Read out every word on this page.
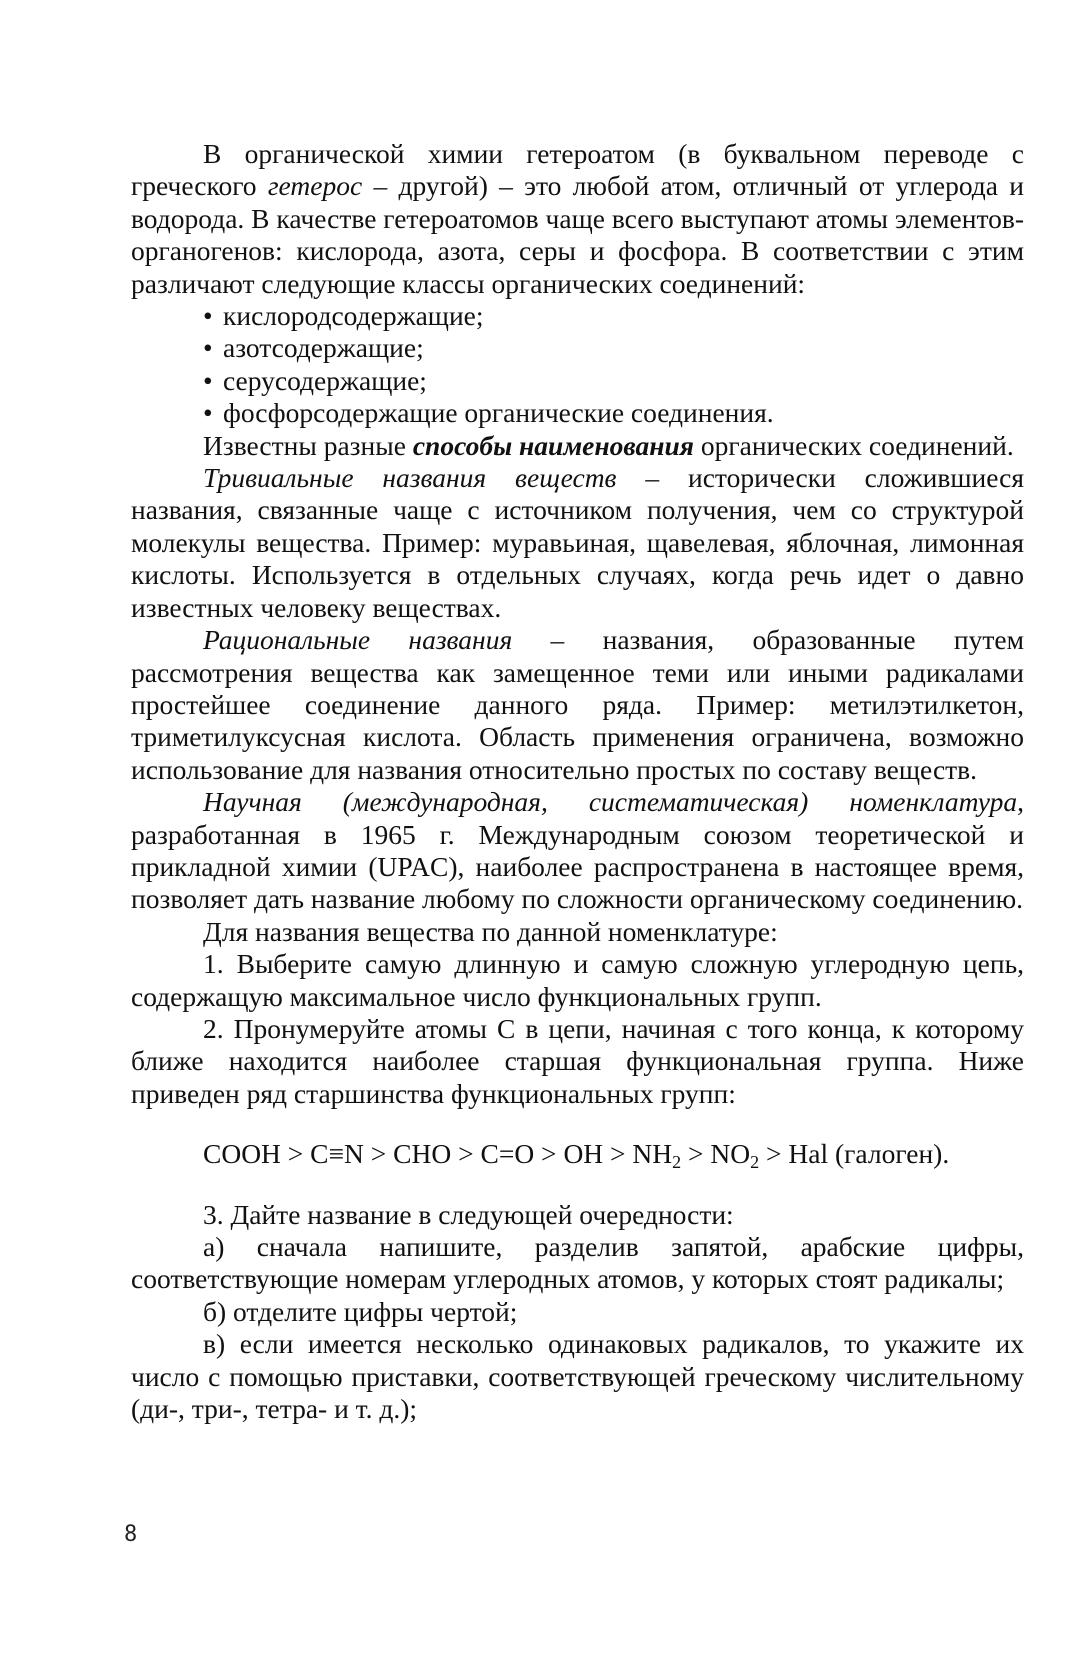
В органической химии гетероатом (в буквальном переводе с греческого гетерос – другой) – это любой атом, отличный от углерода и водорода. В качестве гетероатомов чаще всего выступают атомы элементов-органогенов: кислорода, азота, серы и фосфора. В соответствии с этим различают следующие классы органических соединений:

• кислородсодержащие;
• азотсодержащие;
• серусодержащие;
• фосфорсодержащие органические соединения.

Известны разные способы наименования органических соединений.

Тривиальные названия веществ – исторически сложившиеся названия, связанные чаще с источником получения, чем со структурой молекулы вещества. Пример: муравьиная, щавелевая, яблочная, лимонная кислоты. Используется в отдельных случаях, когда речь идет о давно известных человеку веществах.

Рациональные названия – названия, образованные путем рассмотрения вещества как замещенное теми или иными радикалами простейшее соединение данного ряда. Пример: метилэтилкетон, триметилуксусная кислота. Область применения ограничена, возможно использование для названия относительно простых по составу веществ.

Научная (международная, систематическая) номенклатура, разработанная в 1965 г. Международным союзом теоретической и прикладной химии (UPAC), наиболее распространена в настоящее время, позволяет дать название любому по сложности органическому соединению.

Для названия вещества по данной номенклатуре:

1. Выберите самую длинную и самую сложную углеродную цепь, содержащую максимальное число функциональных групп.

2. Пронумеруйте атомы С в цепи, начиная с того конца, к которому ближе находится наиболее старшая функциональная группа. Ниже приведен ряд старшинства функциональных групп:

COOH > C≡N > CHO > C=O > OH > $NH_2 > NO_2$ > Hal (галоген).

3. Дайте название в следующей очередности:

а) сначала напишите, разделив запятой, арабские цифры, соответствующие номерам углеродных атомов, у которых стоят радикалы;

б) отделите цифры чертой;

в) если имеется несколько одинаковых радикалов, то укажите их число с помощью приставки, соответствующей греческому числительному (ди-, три-, тетра- и т. д.);

8
